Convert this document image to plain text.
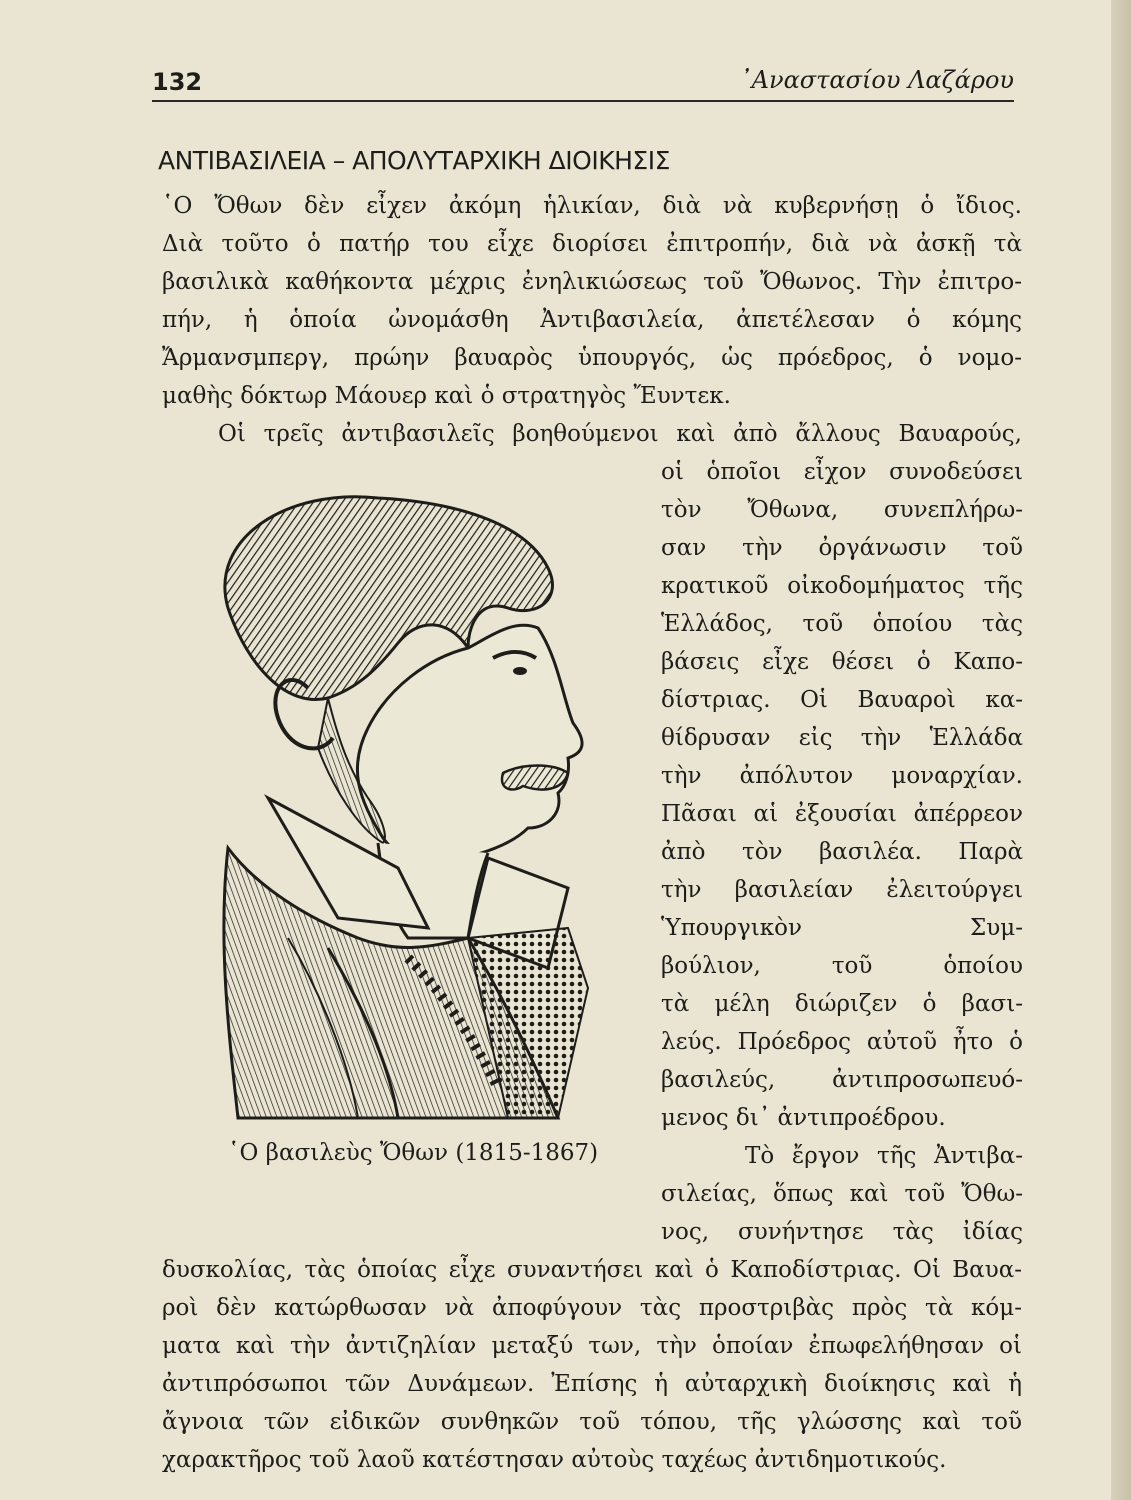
132	᾿Αναστασίου Λαζάρου
ΑΝΤΙΒΑΣΙΛΕΙΑ – ΑΠΟΛΥΤΑΡΧΙΚΗ ΔΙΟΙΚΗΣΙΣ
῾Ο Ὄθων δὲν εἶχεν ἀκόμη ἡλικίαν, διὰ νὰ κυβερνήσῃ ὁ ἴδιος.
Διὰ τοῦτο ὁ πατήρ του εἶχε διορίσει ἐπιτροπήν, διὰ νὰ ἀσκῇ τὰ
βασιλικὰ καθήκοντα μέχρις ἐνηλικιώσεως τοῦ Ὄθωνος. Τὴν ἐπιτρο-
πήν, ἡ ὁποία ὠνομάσθη Ἀντιβασιλεία, ἀπετέλεσαν ὁ κόμης
Ἄρμανσμπεργ, πρώην βαυαρὸς ὑπουργός, ὡς πρόεδρος, ὁ νομο-
μαθὴς δόκτωρ Μάουερ καὶ ὁ στρατηγὸς Ἔυντεκ.
Οἱ τρεῖς ἀντιβασιλεῖς βοηθούμενοι καὶ ἀπὸ ἄλλους Βαυαρούς,
οἱ ὁποῖοι εἶχον συνοδεύσει
τὸν Ὄθωνα, συνεπλήρω-
σαν τὴν ὀργάνωσιν τοῦ
κρατικοῦ οἰκοδομήματος τῆς
Ἑλλάδος, τοῦ ὁποίου τὰς
βάσεις εἶχε θέσει ὁ Καπο-
δίστριας. Οἱ Βαυαροὶ κα-
θίδρυσαν εἰς τὴν Ἑλλάδα
τὴν ἀπόλυτον μοναρχίαν.
Πᾶσαι αἱ ἐξουσίαι ἀπέρρεον
ἀπὸ τὸν βασιλέα. Παρὰ
τὴν βασιλείαν ἐλειτούργει
Ὑπουργικὸν Συμ-
βούλιον, τοῦ ὁποίου
τὰ μέλη διώριζεν ὁ βασι-
λεύς. Πρόεδρος αὐτοῦ ἦτο ὁ
βασιλεύς, ἀντιπροσωπευό-
μενος δι᾿ ἀντιπροέδρου.
Τὸ ἔργον τῆς Ἀντιβα-
σιλείας, ὅπως καὶ τοῦ Ὄθω-
νος, συνήντησε τὰς ἰδίας
δυσκολίας, τὰς ὁποίας εἶχε συναντήσει καὶ ὁ Καποδίστριας. Οἱ Βαυα-
ροὶ δὲν κατώρθωσαν νὰ ἀποφύγουν τὰς προστριβὰς πρὸς τὰ κόμ-
ματα καὶ τὴν ἀντιζηλίαν μεταξύ των, τὴν ὁποίαν ἐπωφελήθησαν οἱ
ἀντιπρόσωποι τῶν Δυνάμεων. Ἐπίσης ἡ αὐταρχικὴ διοίκησις καὶ ἡ
ἄγνοια τῶν εἰδικῶν συνθηκῶν τοῦ τόπου, τῆς γλώσσης καὶ τοῦ
χαρακτῆρος τοῦ λαοῦ κατέστησαν αὐτοὺς ταχέως ἀντιδημοτικούς.
῾Ο βασιλεὺς Ὄθων (1815-1867)
